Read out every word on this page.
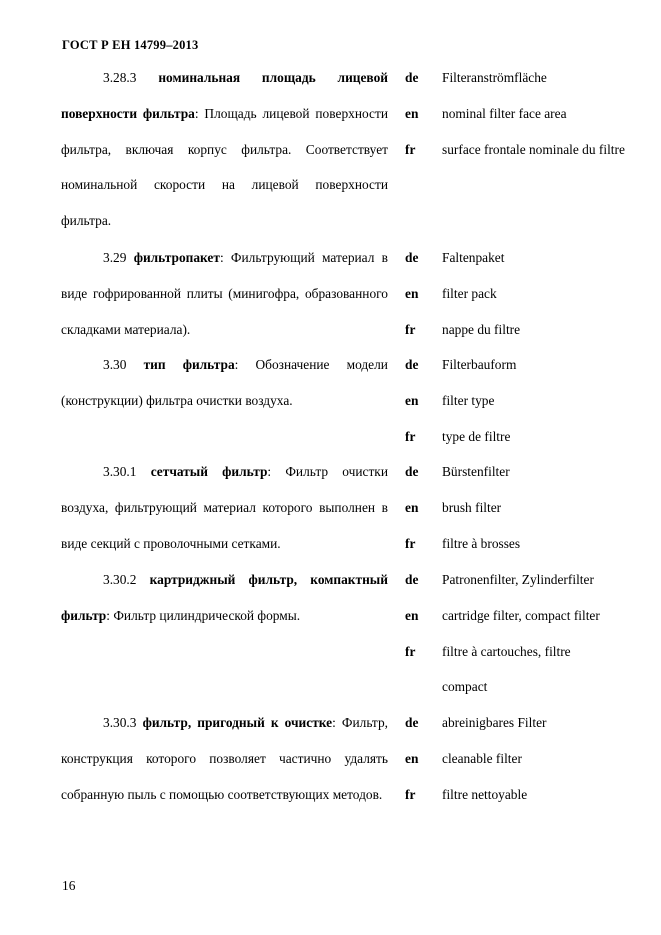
ГОСТ Р ЕН 14799–2013
3.28.3 номинальная площадь лицевой поверхности фильтра: Площадь лицевой поверхности фильтра, включая корпус фильтра. Соответствует номинальной скорости на лицевой поверхности фильтра.
de	Filteranströmfläche
en	nominal filter face area
fr	surface frontale nominale du filtre
3.29 фильтропакет: Фильтрующий материал в виде гофрированной плиты (минигофра, образованного складками материала).
de	Faltenpaket
en	filter pack
fr	nappe du filtre
3.30 тип фильтра: Обозначение модели (конструкции) фильтра очистки воздуха.
de	Filterbauform
en	filter type
fr	type de filtre
3.30.1 сетчатый фильтр: Фильтр очистки воздуха, фильтрующий материал которого выполнен в виде секций с проволочными сетками.
de	Bürstenfilter
en	brush filter
fr	filtre à brosses
3.30.2 картриджный фильтр, компактный фильтр: Фильтр цилиндрической формы.
de	Patronenfilter, Zylinderfilter
en	cartridge filter, compact filter
fr	filtre à cartouches, filtre compact
3.30.3 фильтр, пригодный к очистке: Фильтр, конструкция которого позволяет частично удалять собранную пыль с помощью соответствующих методов.
de	abreinigbares Filter
en	cleanable filter
fr	filtre nettoyable
16
